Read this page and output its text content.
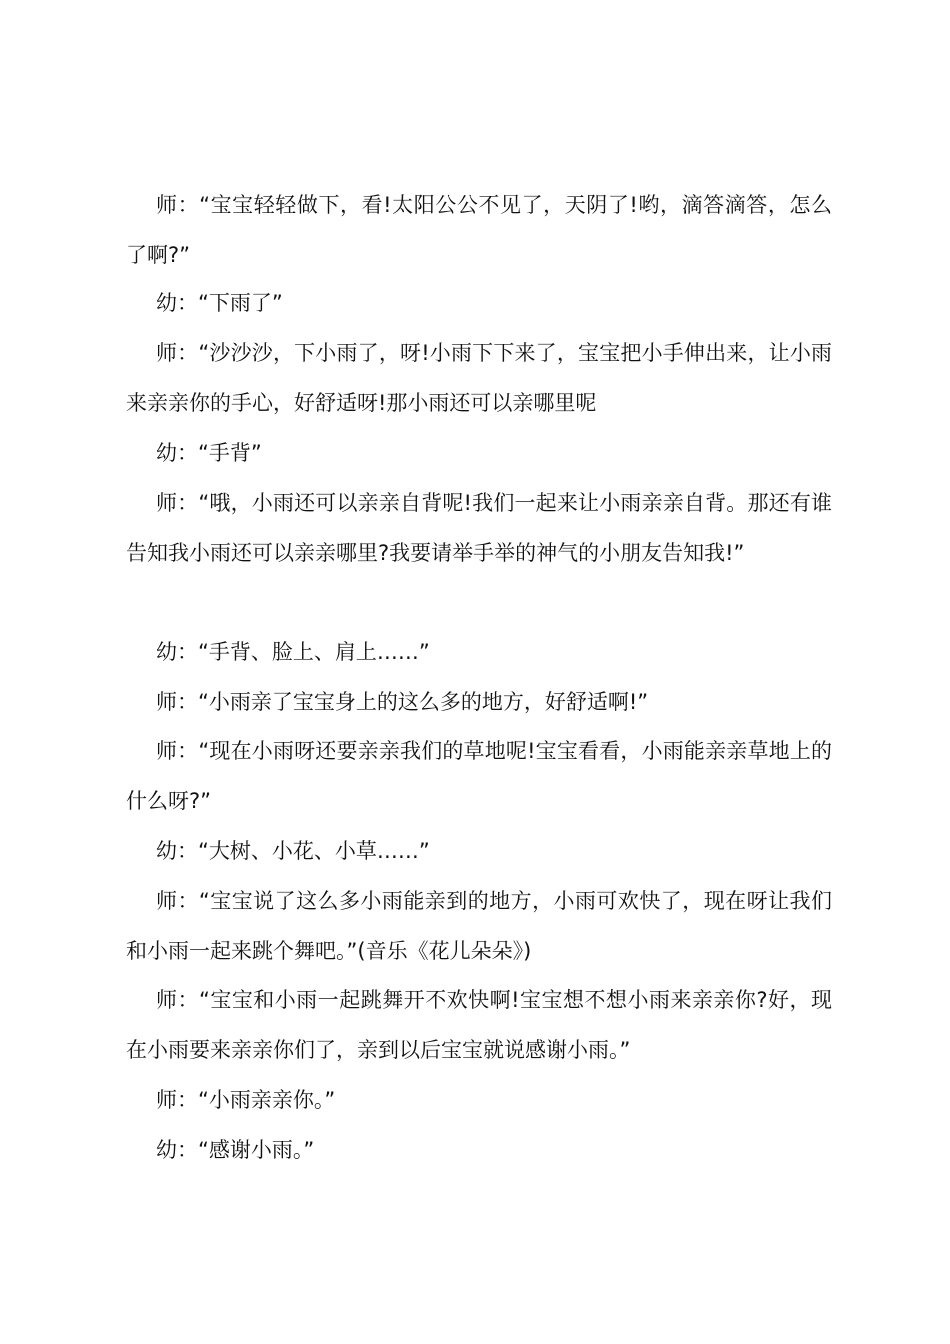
师：“宝宝轻轻做下，看!太阳公公不见了，天阴了!哟，滴答滴答，怎么了啊?”

幼：“下雨了”

师：“沙沙沙，下小雨了，呀!小雨下下来了，宝宝把小手伸出来，让小雨来亲亲你的手心，好舒适呀!那小雨还可以亲哪里呢

幼：“手背”

师：“哦，小雨还可以亲亲自背呢!我们一起来让小雨亲亲自背。那还有谁告知我小雨还可以亲亲哪里?我要请举手举的神气的小朋友告知我!”

幼：“手背、脸上、肩上……”

师：“小雨亲了宝宝身上的这么多的地方，好舒适啊!”

师：“现在小雨呀还要亲亲我们的草地呢!宝宝看看，小雨能亲亲草地上的什么呀?”

幼：“大树、小花、小草……”

师：“宝宝说了这么多小雨能亲到的地方，小雨可欢快了，现在呀让我们和小雨一起来跳个舞吧。”(音乐《花儿朵朵》)

师：“宝宝和小雨一起跳舞开不欢快啊!宝宝想不想小雨来亲亲你?好，现在小雨要来亲亲你们了，亲到以后宝宝就说感谢小雨。”

师：“小雨亲亲你。”

幼：“感谢小雨。”
